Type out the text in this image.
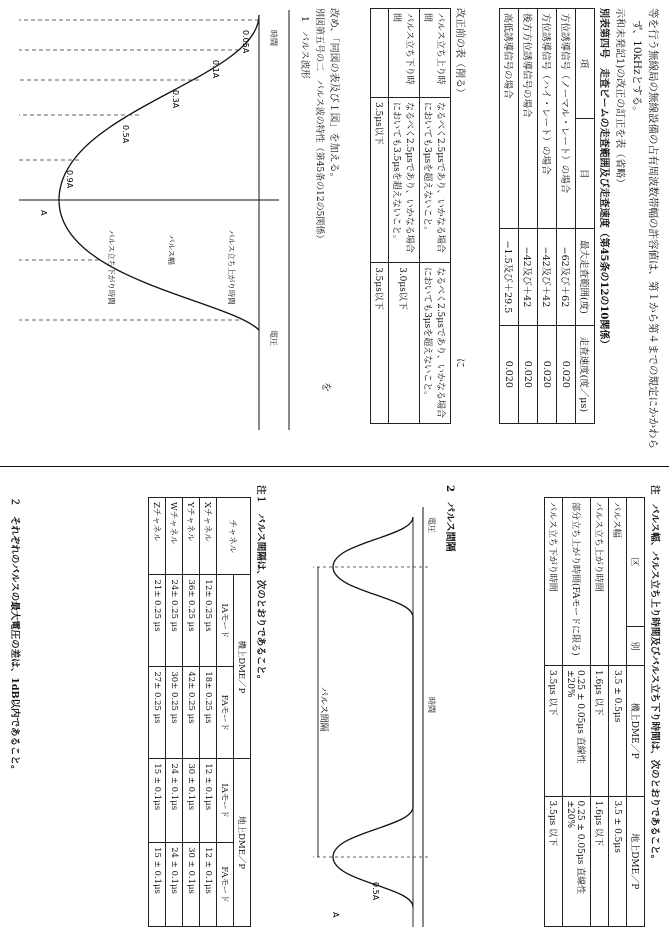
等を行う無線局の無線設備の占有周波数帯幅の許容値は、第１から第４までの規定にかかわら
ず、10kHzとする。
示和未発記1)の改正の訂正を表（省略）
別表第四号　走査ビームの走査範囲及び走査速度（第45条の12の10関係）
項	目	最大走査範囲(度)	走査速度(度／μs)
方位誘導信号（ノーマル・レート）の場合		−62及び＋62	0.020
方位誘導信号（ハイ・レート）の場合		−42及び＋42	0.020
後方方位誘導信号の場合		−42及び＋42	0.020
高低誘導信号の場合		−1.5及び＋29.5	0.020
改正前の表（削る）
パルス立ち上り時間	なるべく2.5μsであり、いかなる場合においても3μsを超えないこと。	なるべく2.5μsであり、いかなる場合においても3μsを超えないこと。
パルス立ち下り時間	なるべく2.5μsであり、いかなる場合においても3.5μsを超えないこと。	3.0μs以下
	3.5μs以下	3.5μs以下
改め、「同図の表及び１図」を加える。
別図第五号の二　パルス波の特性（第45条の12の5関係）
1　パルス波形
に
を
0.05A
0.1A
0.3A
0.5A
0.9A
A
電圧
時間
パルス立ち上がり時間
パルス幅
パルス立ち下がり時間
注　パルス幅、パルス立ち上り時間及びパルス立ち下り時間は、次のとおりであること。
区	別	機上DME／P	地上DME／P
パルス幅		3.5 ± 0.5μs	3.5 ± 0.5μs
パルス立ち上がり時間		1.6μs 以下	1.6μs 以下
部分立ち上がり時間(FAモードに限る)		0.25 ± 0.05μs 直線性 ±20%	0.25 ± 0.05μs 直線性 ±20%
パルス立ち下がり時間		3.5μs 以下	3.5μs 以下
2　パルス間隔
パルス間隔
電圧
時間
0.5A
A
注１　パルス間隔は、次のとおりであること。
チャネル	機上DME／P		地上DME／P	
	IAモード	FAモード	IAモード	FAモード
Xチャネル	12± 0.25 μs	18± 0.25 μs	12 ± 0.1μs	12 ± 0.1μs
Yチャネル	36± 0.25 μs	42± 0.25 μs	30 ± 0.1μs	30 ± 0.1μs
Wチャネル	24± 0.25 μs	30± 0.25 μs	24 ± 0.1μs	24 ± 0.1μs
Zチャネル	21± 0.25 μs	27± 0.25 μs	15 ± 0.1μs	15 ± 0.1μs
２　それぞれのパルスの最大電圧の差は、1dB以内であること。
